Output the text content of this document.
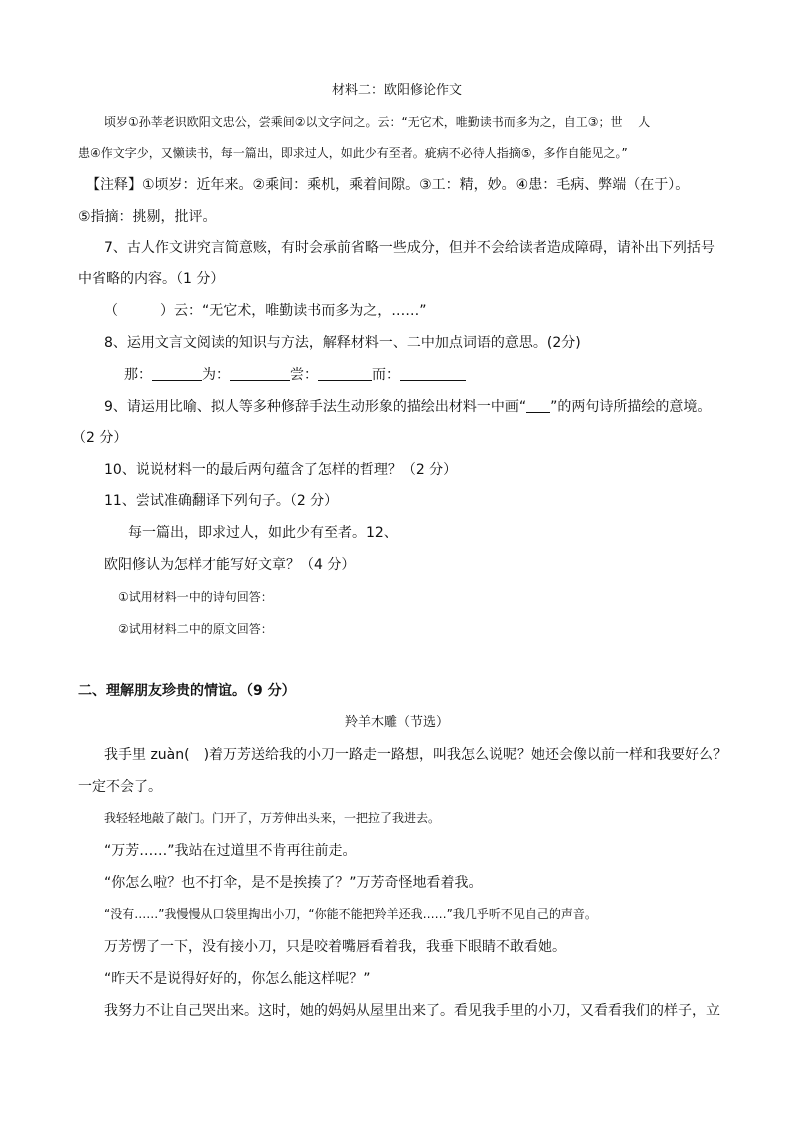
材料二：欧阳修论作文
顷岁①孙莘老识欧阳文忠公，尝乘间②以文字问之。云：“无它术，唯勤读书而多为之，自工③；世　 人
患④作文字少，又懒读书，每一篇出，即求过人，如此少有至者。疵病不必待人指摘⑤，多作自能见之。”
【注释】①顷岁：近年来。②乘间：乘机，乘着间隙。③工：精，妙。④患：毛病、弊端（在于）。
⑤指摘：挑剔，批评。
7、古人作文讲究言简意赅，有时会承前省略一些成分，但并不会给读者造成障碍，请补出下列括号
中省略的内容。（1 分）
（　　　）云：“无它术，唯勤读书而多为之，……”
8、运用文言文阅读的知识与方法，解释材料一、二中加点词语的意思。(2分)
那：	为：	尝：	而：
9、请运用比喻、拟人等多种修辞手法生动形象的描绘出材料一中画“ ”的两句诗所描绘的意境。
（2 分）
10、说说材料一的最后两句蕴含了怎样的哲理？（2 分）
11、尝试准确翻译下列句子。（2 分）
每一篇出，即求过人，如此少有至者。12、
欧阳修认为怎样才能写好文章？（4 分）
①试用材料一中的诗句回答：
②试用材料二中的原文回答：
二、理解朋友珍贵的情谊。（9 分）
羚羊木雕（节选）
我手里 zuàn(　)着万芳送给我的小刀一路走一路想，叫我怎么说呢？她还会像以前一样和我要好么？
一定不会了。
我轻轻地敲了敲门。门开了，万芳伸出头来，一把拉了我进去。
“万芳……”我站在过道里不肯再往前走。
“你怎么啦？也不打伞，是不是挨揍了？”万芳奇怪地看着我。
“没有……”我慢慢从口袋里掏出小刀，“你能不能把羚羊还我……”我几乎听不见自己的声音。
万芳愣了一下，没有接小刀，只是咬着嘴唇看着我，我垂下眼睛不敢看她。
“昨天不是说得好好的，你怎么能这样呢？”
我努力不让自己哭出来。这时，她的妈妈从屋里出来了。看见我手里的小刀，又看看我们的样子，立
